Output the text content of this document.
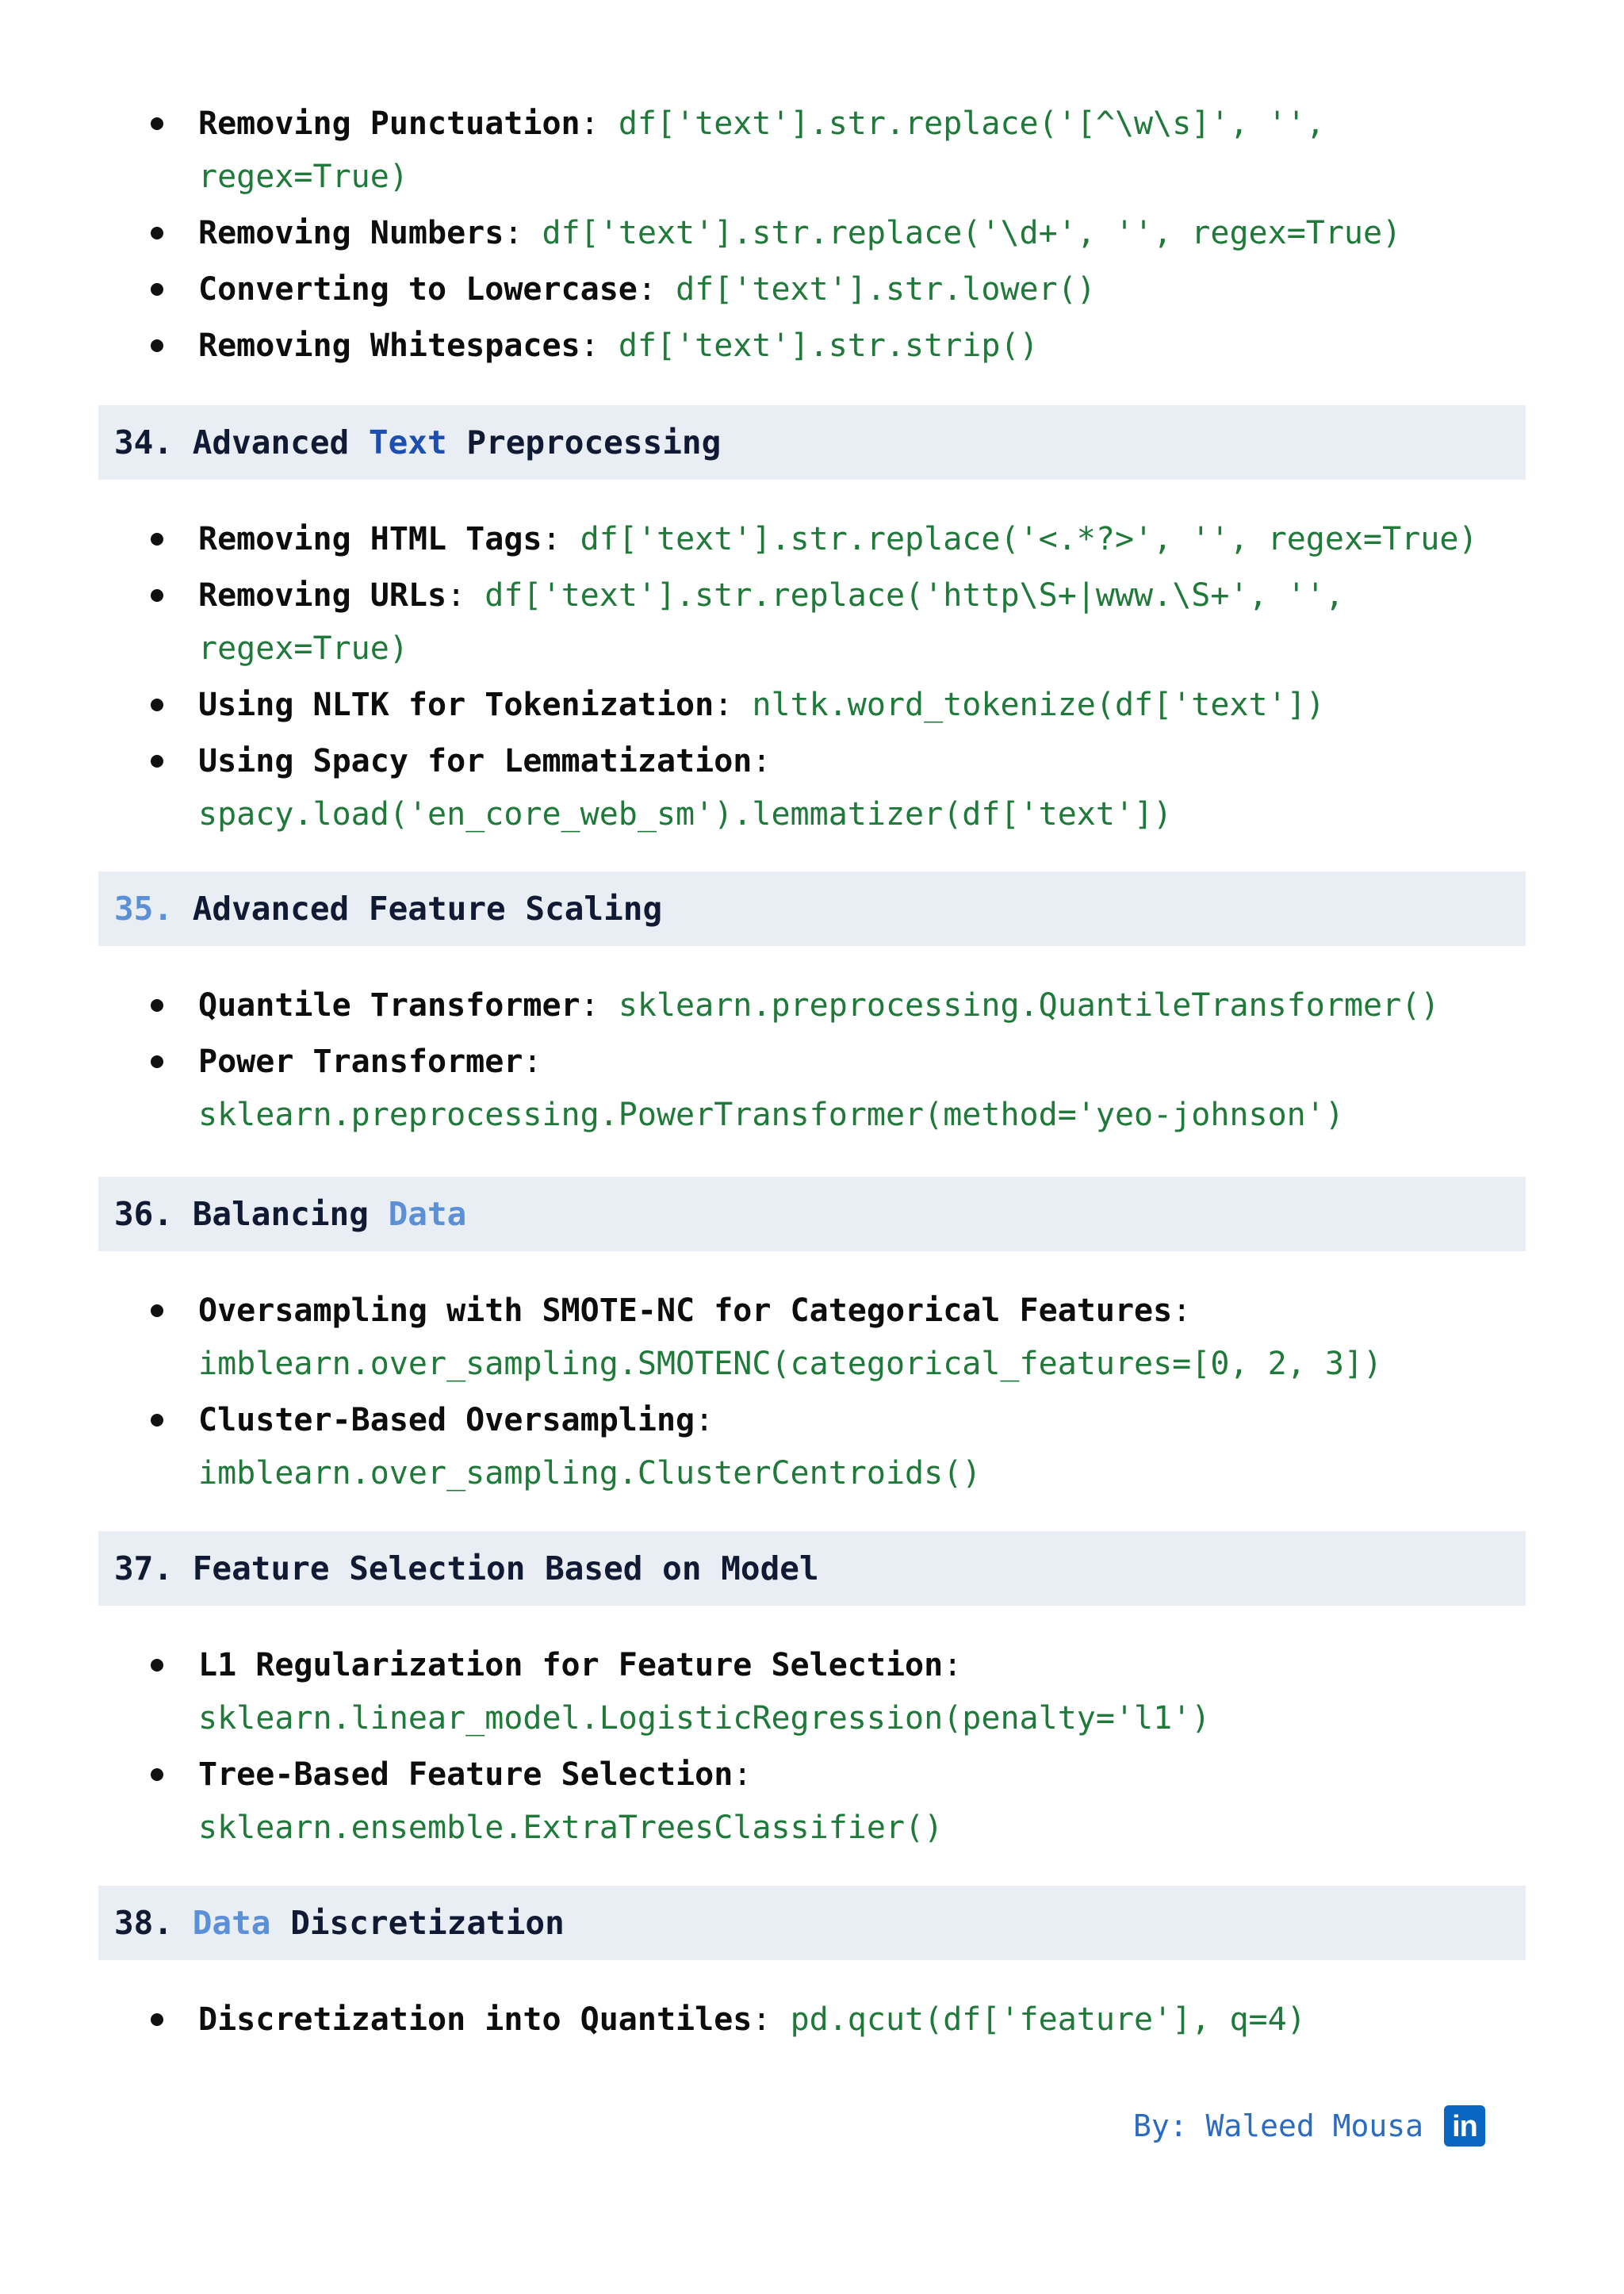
Removing Punctuation: df['text'].str.replace('[^\w\s]', '',
regex=True)
Removing Numbers: df['text'].str.replace('\d+', '', regex=True)
Converting to Lowercase: df['text'].str.lower()
Removing Whitespaces: df['text'].str.strip()
34. Advanced Text Preprocessing
Removing HTML Tags: df['text'].str.replace('<.*?>', '', regex=True)
Removing URLs: df['text'].str.replace('http\S+|www.\S+', '',
regex=True)
Using NLTK for Tokenization: nltk.word_tokenize(df['text'])
Using Spacy for Lemmatization:
spacy.load('en_core_web_sm').lemmatizer(df['text'])
35. Advanced Feature Scaling
Quantile Transformer: sklearn.preprocessing.QuantileTransformer()
Power Transformer:
sklearn.preprocessing.PowerTransformer(method='yeo-johnson')
36. Balancing Data
Oversampling with SMOTE-NC for Categorical Features:
imblearn.over_sampling.SMOTENC(categorical_features=[0, 2, 3])
Cluster-Based Oversampling:
imblearn.over_sampling.ClusterCentroids()
37. Feature Selection Based on Model
L1 Regularization for Feature Selection:
sklearn.linear_model.LogisticRegression(penalty='l1')
Tree-Based Feature Selection:
sklearn.ensemble.ExtraTreesClassifier()
38. Data Discretization
Discretization into Quantiles: pd.qcut(df['feature'], q=4)
By: Waleed Mousa in
